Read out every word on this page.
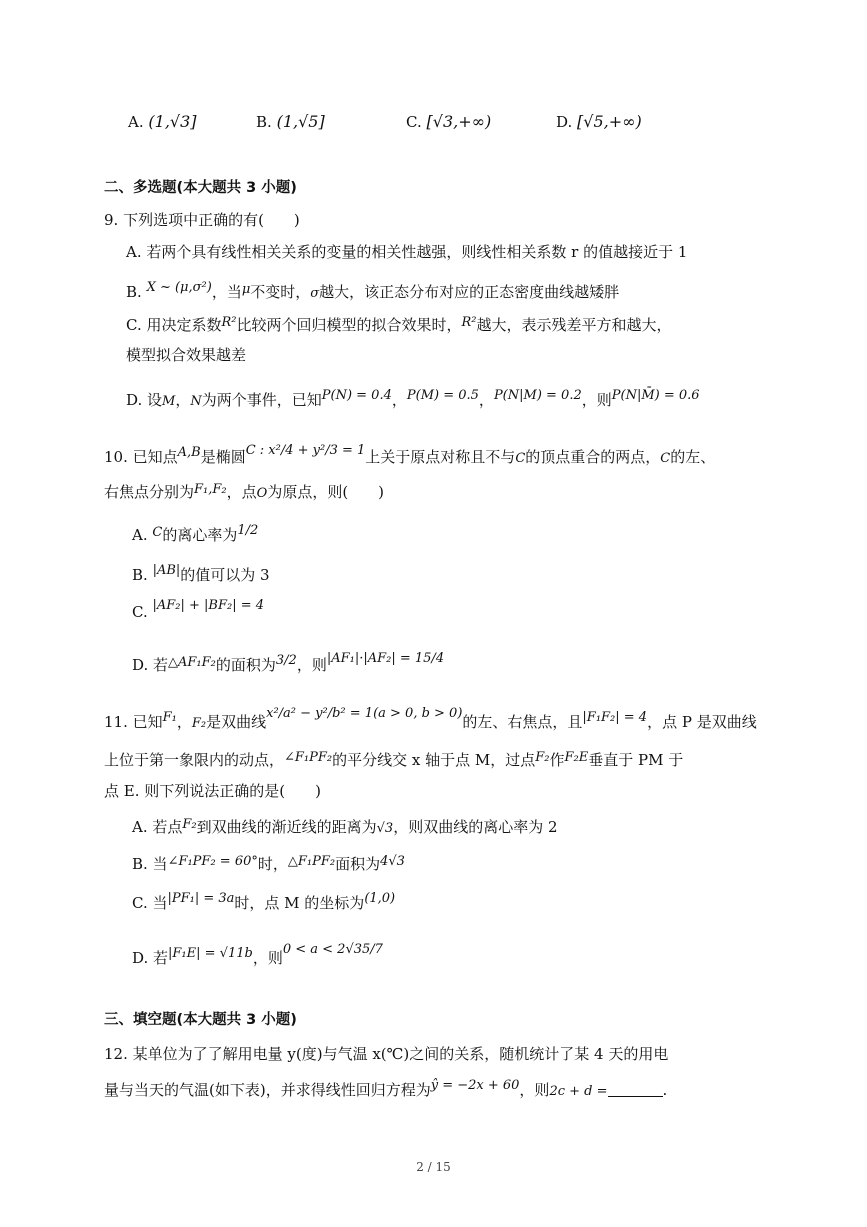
A. (1,√3]	B. (1,√5]	C. [√3,+∞)	D. [√5,+∞)
二、多选题(本大题共 3 小题)
9. 下列选项中正确的有(　　)
A. 若两个具有线性相关关系的变量的相关性越强，则线性相关系数 r 的值越接近于 1
B. X ~ (μ,σ²)，当μ不变时，σ越大，该正态分布对应的正态密度曲线越矮胖
C. 用决定系数R²比较两个回归模型的拟合效果时，R²越大，表示残差平方和越大，
模型拟合效果越差
D. 设M，N为两个事件，已知P(N) = 0.4，P(M) = 0.5，P(N|M) = 0.2，则P(N|M̄) = 0.6
10. 已知点A,B是椭圆C : x²/4 + y²/3 = 1上关于原点对称且不与C的顶点重合的两点，C的左、
右焦点分别为F₁,F₂，点O为原点，则(　　)
A. C的离心率为1/2
B. |AB|的值可以为 3
C. |AF₂| + |BF₂| = 4
D. 若△AF₁F₂的面积为3/2，则|AF₁|·|AF₂| = 15/4
11. 已知F₁，F₂是双曲线x²/a² − y²/b² = 1(a > 0, b > 0)的左、右焦点，且|F₁F₂| = 4，点 P 是双曲线
上位于第一象限内的动点，∠F₁PF₂的平分线交 x 轴于点 M，过点F₂作F₂E垂直于 PM 于
点 E. 则下列说法正确的是(　　)
A. 若点F₂到双曲线的渐近线的距离为√3，则双曲线的离心率为 2
B. 当∠F₁PF₂ = 60°时，△F₁PF₂面积为4√3
C. 当|PF₁| = 3a时，点 M 的坐标为(1,0)
D. 若|F₁E| = √11b，则0 < a < 2√35/7
三、填空题(本大题共 3 小题)
12. 某单位为了了解用电量 y(度)与气温 x(℃)之间的关系，随机统计了某 4 天的用电
量与当天的气温(如下表)，并求得线性回归方程为ŷ = −2x + 60，则2c + d =	.
2 / 15
